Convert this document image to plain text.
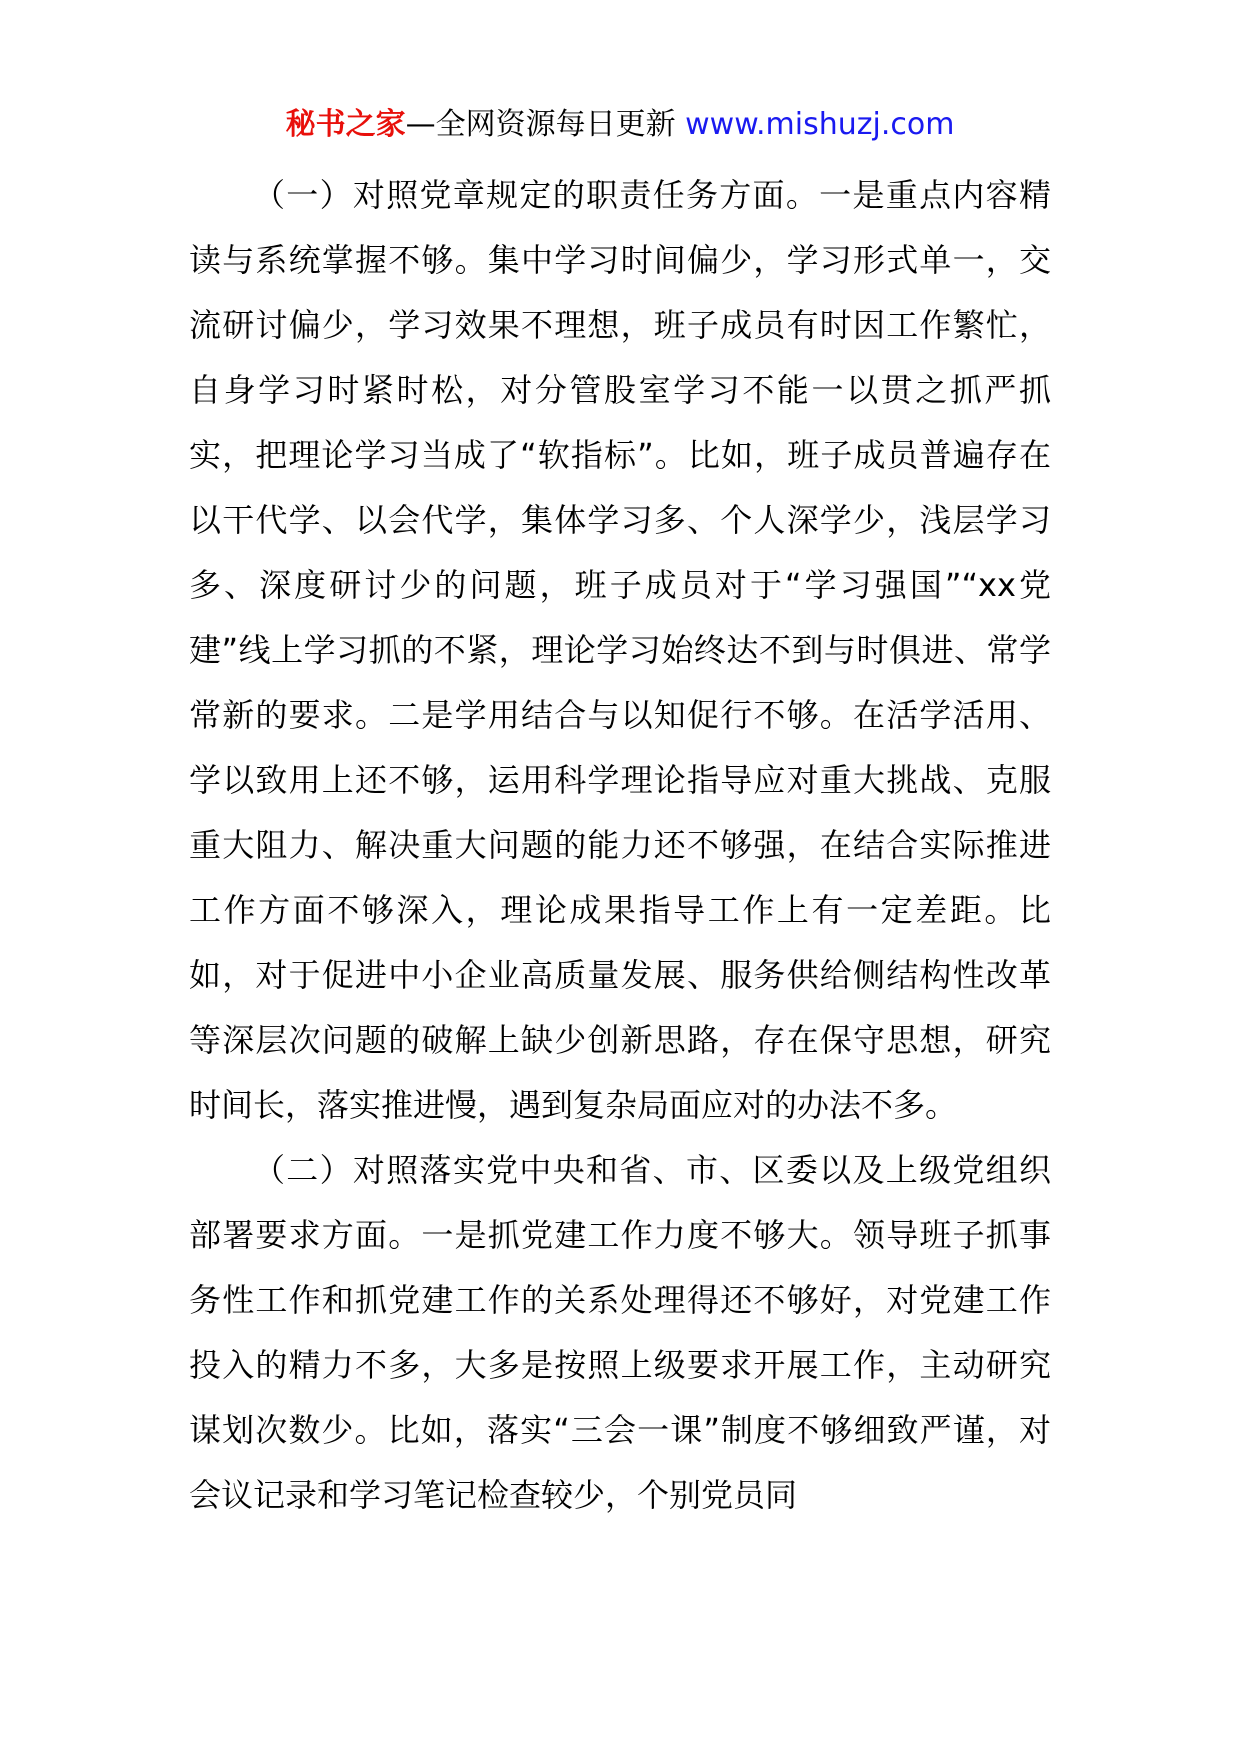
秘书之家—全网资源每日更新 www.mishuzj.com

（一）对照党章规定的职责任务方面。一是重点内容精读与系统掌握不够。集中学习时间偏少，学习形式单一，交流研讨偏少，学习效果不理想，班子成员有时因工作繁忙，自身学习时紧时松，对分管股室学习不能一以贯之抓严抓实，把理论学习当成了“软指标”。比如，班子成员普遍存在以干代学、以会代学，集体学习多、个人深学少，浅层学习多、深度研讨少的问题，班子成员对于“学习强国”“xx党建”线上学习抓的不紧，理论学习始终达不到与时俱进、常学常新的要求。二是学用结合与以知促行不够。在活学活用、学以致用上还不够，运用科学理论指导应对重大挑战、克服重大阻力、解决重大问题的能力还不够强，在结合实际推进工作方面不够深入，理论成果指导工作上有一定差距。比如，对于促进中小企业高质量发展、服务供给侧结构性改革等深层次问题的破解上缺少创新思路，存在保守思想，研究时间长，落实推进慢，遇到复杂局面应对的办法不多。

（二）对照落实党中央和省、市、区委以及上级党组织部署要求方面。一是抓党建工作力度不够大。领导班子抓事务性工作和抓党建工作的关系处理得还不够好，对党建工作投入的精力不多，大多是按照上级要求开展工作，主动研究谋划次数少。比如，落实“三会一课”制度不够细致严谨，对会议记录和学习笔记检查较少，个别党员同
